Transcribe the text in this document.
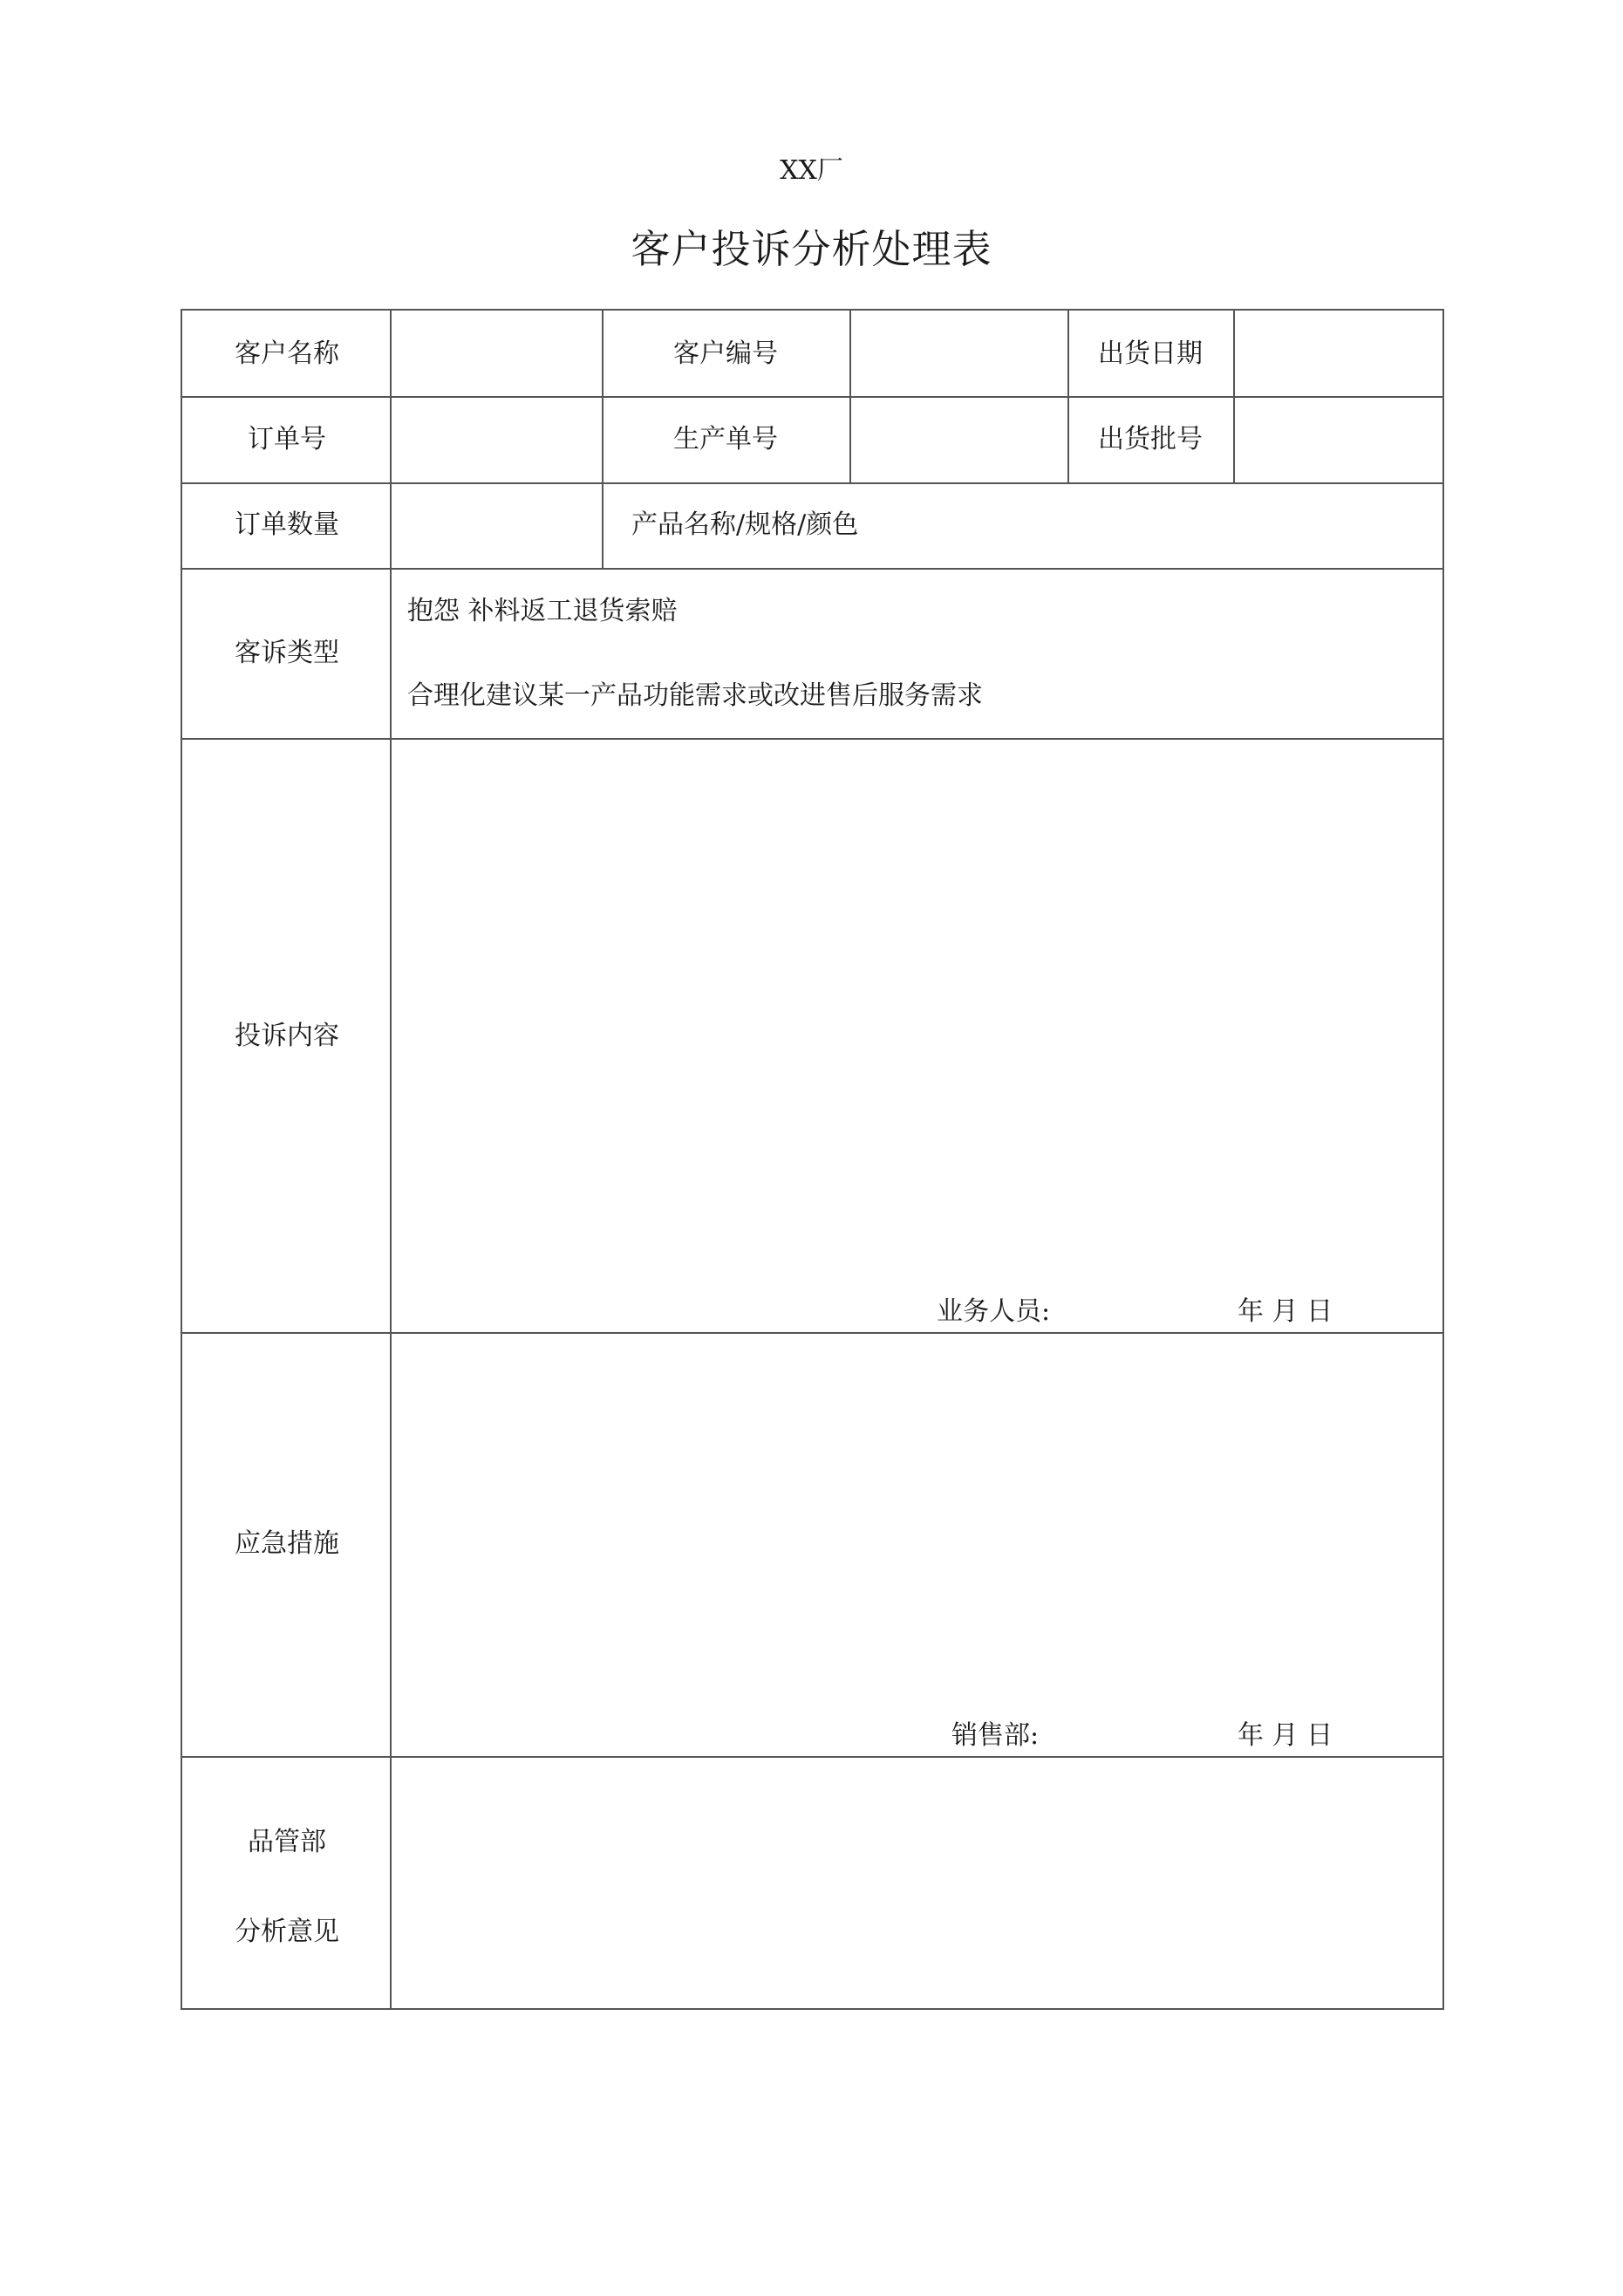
XX厂
客户投诉分析处理表
客户名称	客户编号	出货日期
订单号	生产单号	出货批号
订单数量	产品名称/规格/颜色
客诉类型
抱怨 补料返工退货索赔
合理化建议某一产品功能需求或改进售后服务需求
投诉内容
业务人员:	年 月 日
应急措施
销售部:	年 月 日
品管部
分析意见
